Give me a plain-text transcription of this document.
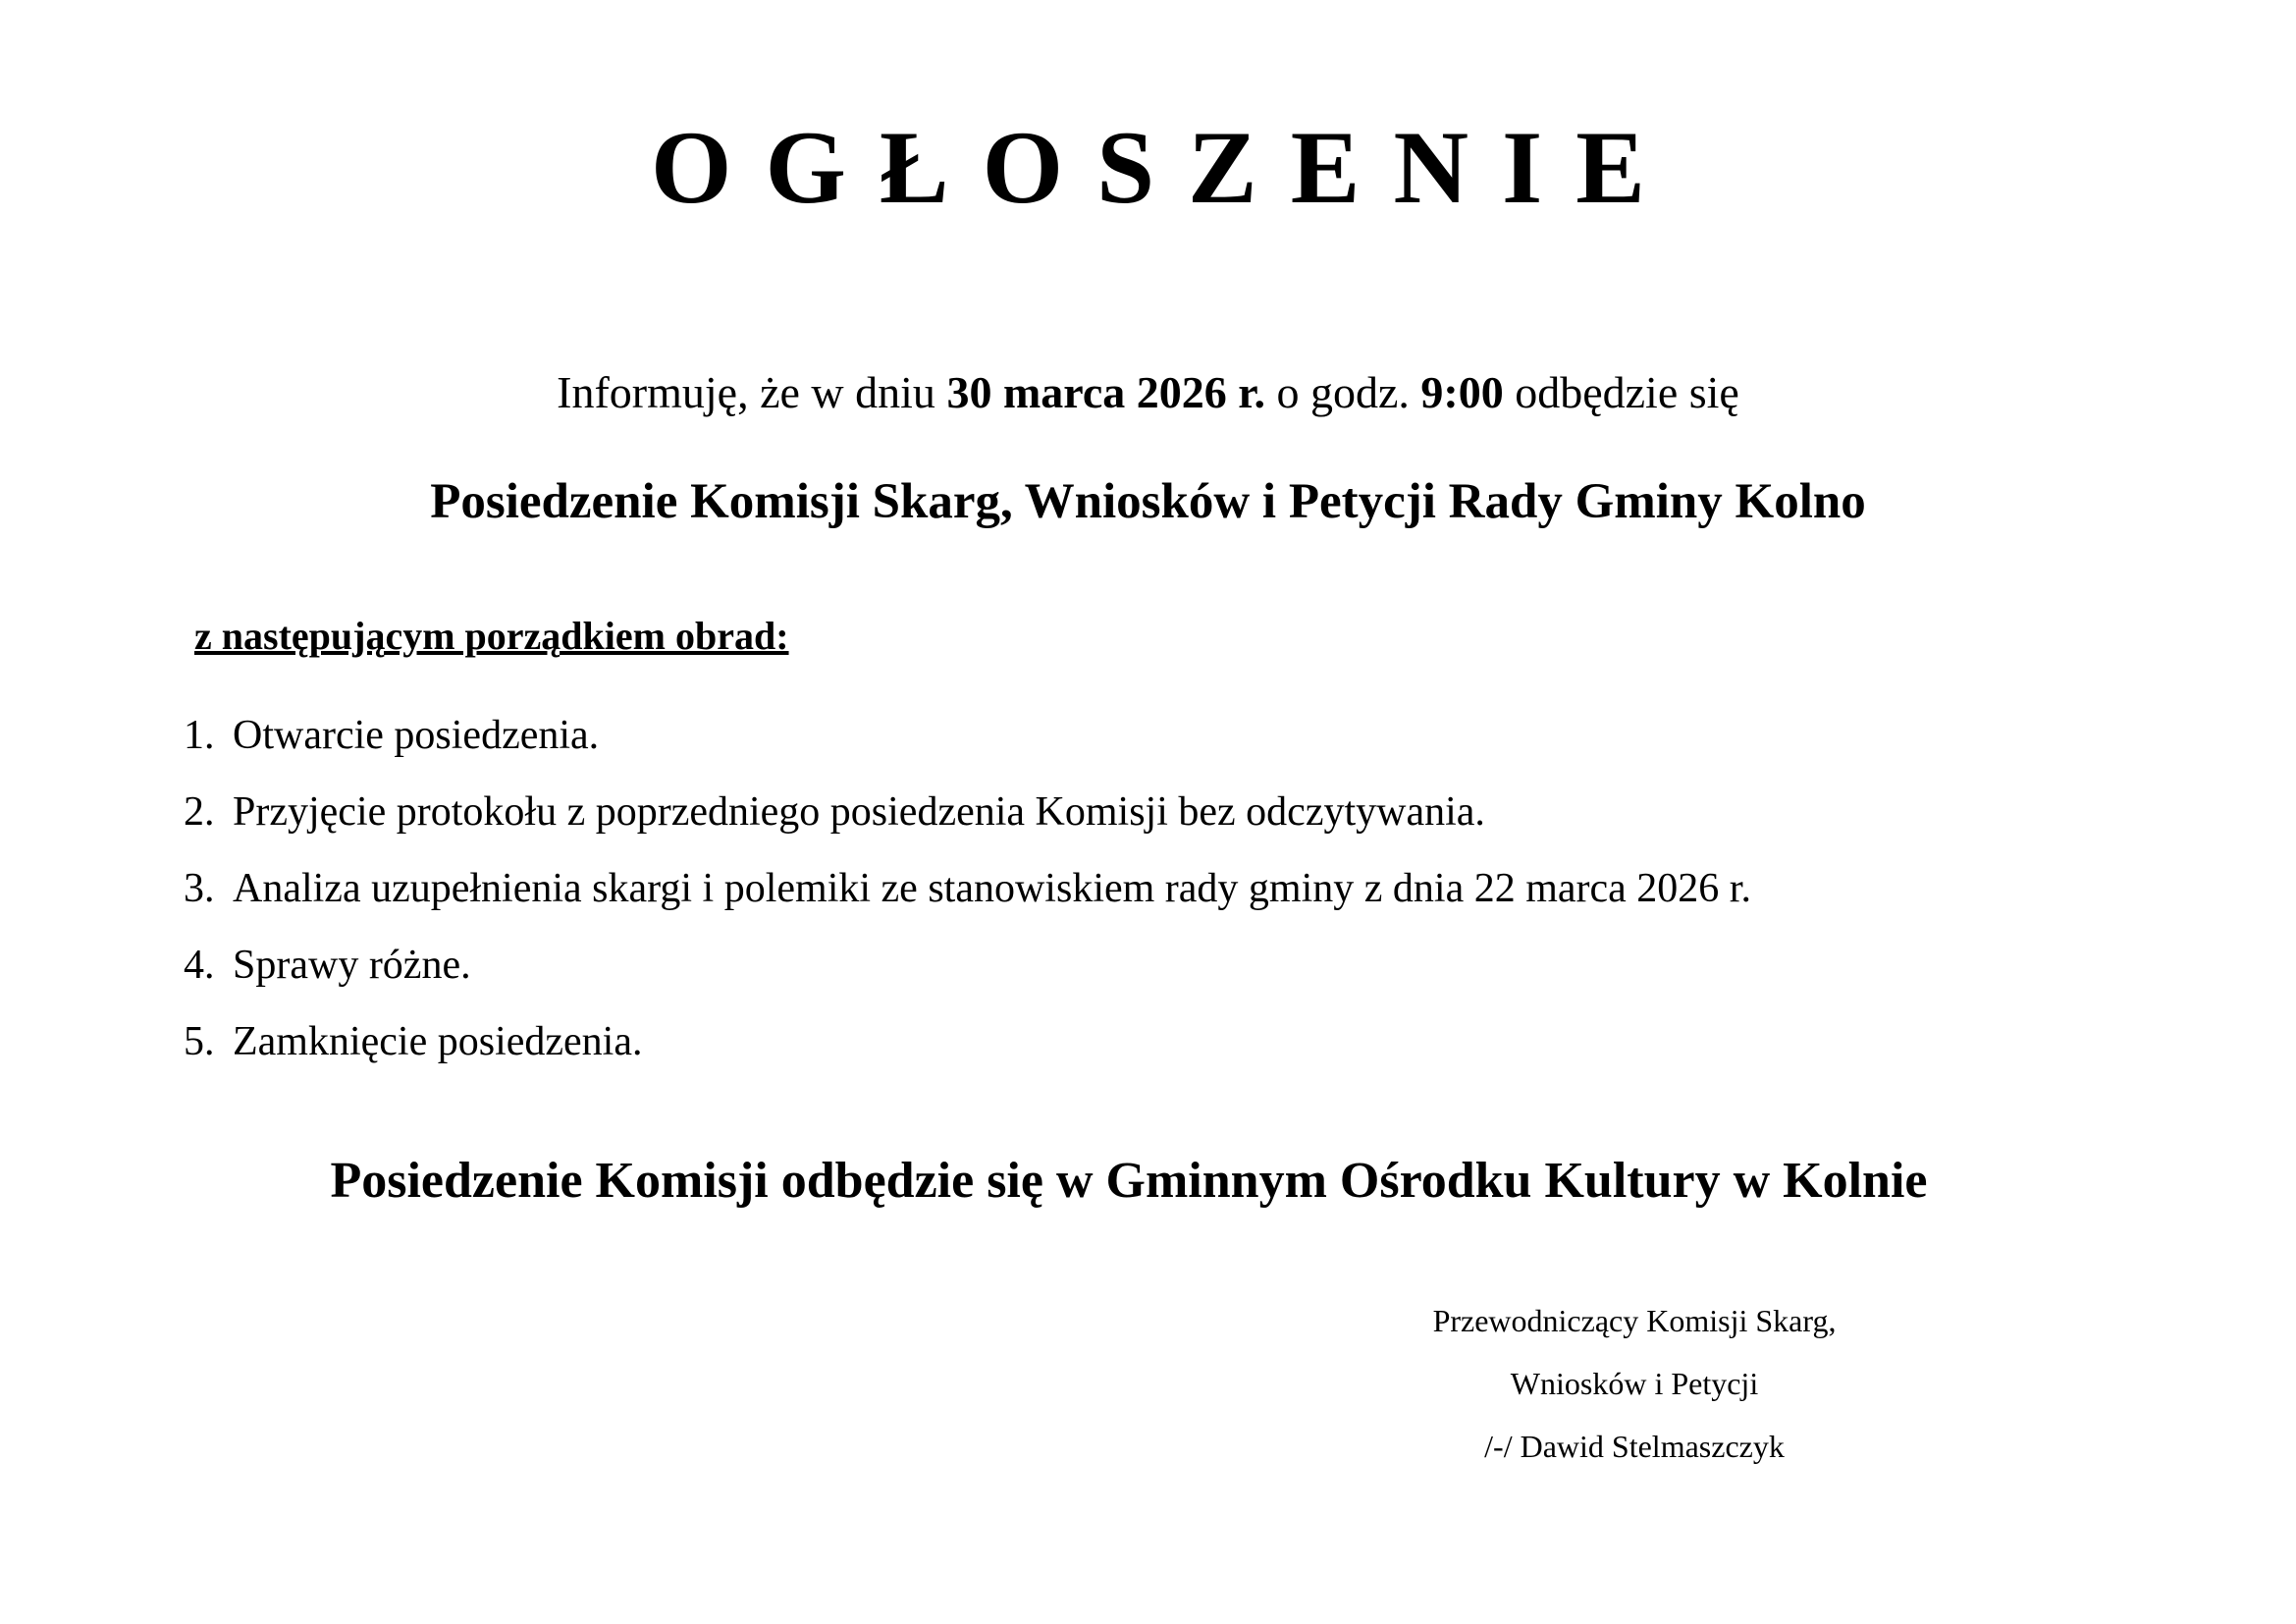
O G Ł O S Z E N I E

Informuję, że w dniu 30 marca 2026 r. o godz. 9:00 odbędzie się

Posiedzenie Komisji Skarg, Wniosków i Petycji Rady Gminy Kolno

z następującym porządkiem obrad:

1. Otwarcie posiedzenia.
2. Przyjęcie protokołu z poprzedniego posiedzenia Komisji bez odczytywania.
3. Analiza uzupełnienia skargi i polemiki ze stanowiskiem rady gminy z dnia 22 marca 2026 r.
4. Sprawy różne.
5. Zamknięcie posiedzenia.

Posiedzenie Komisji odbędzie się w Gminnym Ośrodku Kultury w Kolnie

Przewodniczący Komisji Skarg,
Wniosków i Petycji
/-/ Dawid Stelmaszczyk
